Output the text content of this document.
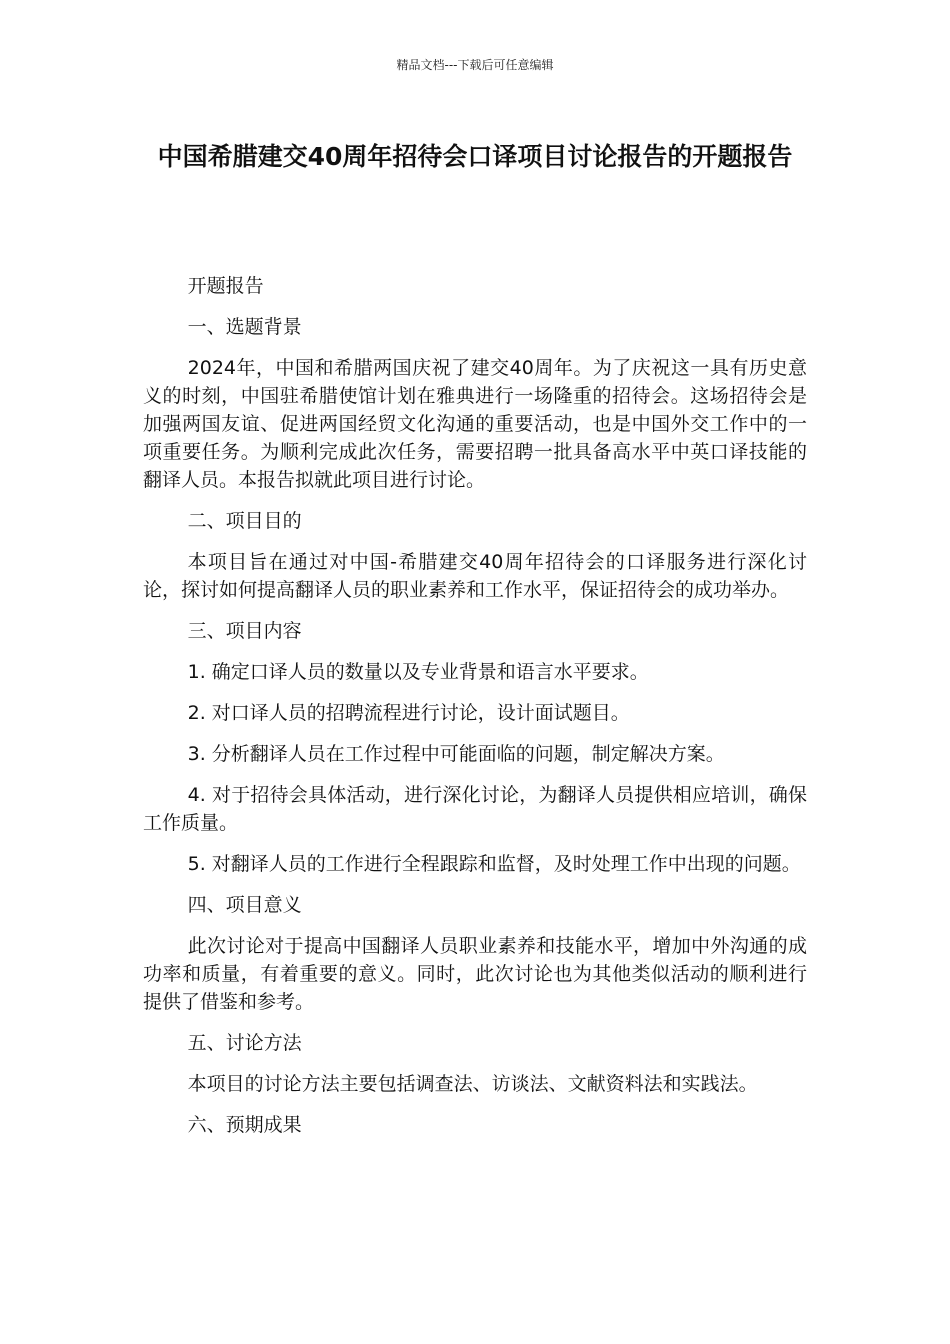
精品文档---下载后可任意编辑
中国希腊建交40周年招待会口译项目讨论报告的开题报告

开题报告

一、选题背景

2024年，中国和希腊两国庆祝了建交40周年。为了庆祝这一具有历史意义的时刻，中国驻希腊使馆计划在雅典进行一场隆重的招待会。这场招待会是加强两国友谊、促进两国经贸文化沟通的重要活动，也是中国外交工作中的一项重要任务。为顺利完成此次任务，需要招聘一批具备高水平中英口译技能的翻译人员。本报告拟就此项目进行讨论。

二、项目目的

本项目旨在通过对中国-希腊建交40周年招待会的口译服务进行深化讨论，探讨如何提高翻译人员的职业素养和工作水平，保证招待会的成功举办。

三、项目内容

1. 确定口译人员的数量以及专业背景和语言水平要求。

2. 对口译人员的招聘流程进行讨论，设计面试题目。

3. 分析翻译人员在工作过程中可能面临的问题，制定解决方案。

4. 对于招待会具体活动，进行深化讨论，为翻译人员提供相应培训，确保工作质量。

5. 对翻译人员的工作进行全程跟踪和监督，及时处理工作中出现的问题。

四、项目意义

此次讨论对于提高中国翻译人员职业素养和技能水平，增加中外沟通的成功率和质量，有着重要的意义。同时，此次讨论也为其他类似活动的顺利进行提供了借鉴和参考。

五、讨论方法

本项目的讨论方法主要包括调查法、访谈法、文献资料法和实践法。

六、预期成果
